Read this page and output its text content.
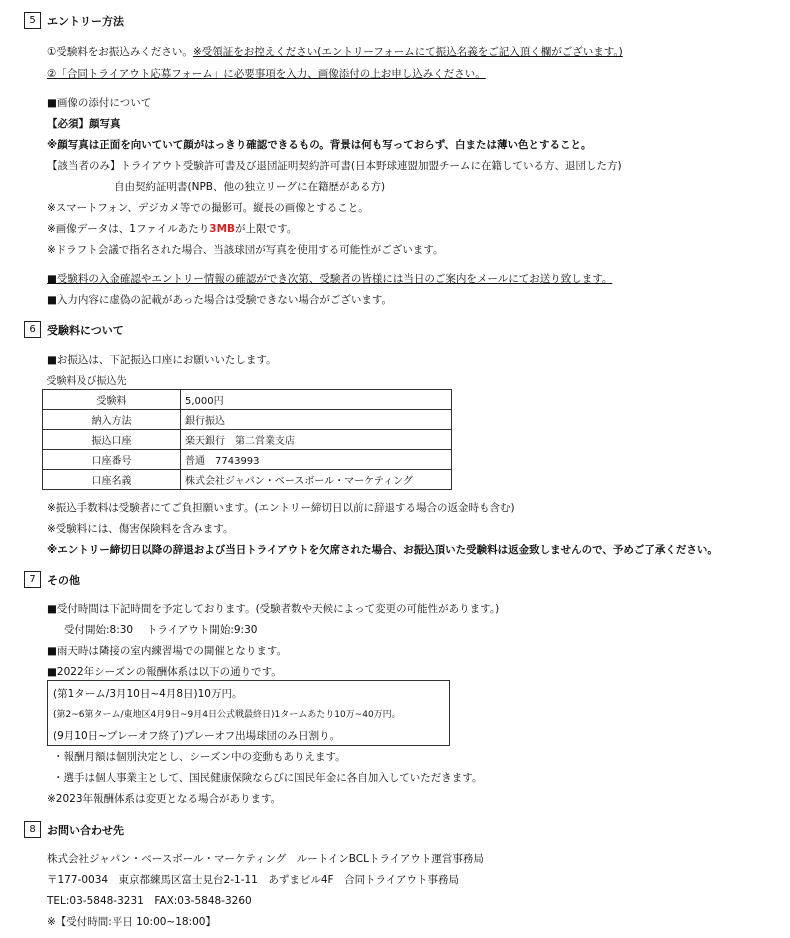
5	エントリー方法
①受験料をお振込みください。※受領証をお控えください(エントリーフォームにて振込名義をご記入頂く欄がございます。)
②「合同トライアウト応募フォーム」に必要事項を入力、画像添付の上お申し込みください。
■画像の添付について
【必須】顔写真
※顔写真は正面を向いていて顔がはっきり確認できるもの。背景は何も写っておらず、白または薄い色とすること。
【該当者のみ】トライアウト受験許可書及び退団証明契約許可書(日本野球連盟加盟チームに在籍している方、退団した方)
自由契約証明書(NPB、他の独立リーグに在籍歴がある方)
※スマートフォン、デジカメ等での撮影可。縦長の画像とすること。
※画像データは、1ファイルあたり3MBが上限です。
※ドラフト会議で指名された場合、当該球団が写真を使用する可能性がございます。
■受験料の入金確認やエントリー情報の確認ができ次第、受験者の皆様には当日のご案内をメールにてお送り致します。
■入力内容に虚偽の記載があった場合は受験できない場合がございます。
6	受験料について
■お振込は、下記振込口座にお願いいたします。
受験料及び振込先	
受験料	5,000円
納入方法	銀行振込
振込口座	楽天銀行　第二営業支店
口座番号	普通　7743993
口座名義	株式会社ジャパン・ベースボール・マーケティング
※振込手数料は受験者にてご負担願います。(エントリー締切日以前に辞退する場合の返金時も含む)
※受験料には、傷害保険料を含みます。
※エントリー締切日以降の辞退および当日トライアウトを欠席された場合、お振込頂いた受験料は返金致しませんので、予めご了承ください。
7	その他
■受付時間は下記時間を予定しております。(受験者数や天候によって変更の可能性があります。)
受付開始:8:30　 トライアウト開始:9:30
■雨天時は隣接の室内練習場での開催となります。
■2022年シーズンの報酬体系は以下の通りです。
(第1ターム/3月10日~4月8日)10万円。
(第2~6第ターム/東地区4月9日~9月4日公式戦最終日)1タームあたり10万~40万円。
(9月10日~プレーオフ終了)プレーオフ出場球団のみ日割り。
・報酬月額は個別決定とし、シーズン中の変動もありえます。
・選手は個人事業主として、国民健康保険ならびに国民年金に各自加入していただきます。
※2023年報酬体系は変更となる場合があります。
8	お問い合わせ先
株式会社ジャパン・ベースボール・マーケティング　ルートインBCLトライアウト運営事務局
〒177-0034　東京都練馬区富士見台2-1-11　あずまビル4F　合同トライアウト事務局
TEL:03-5848-3231　FAX:03-5848-3260
※【受付時間:平日 10:00~18:00】
